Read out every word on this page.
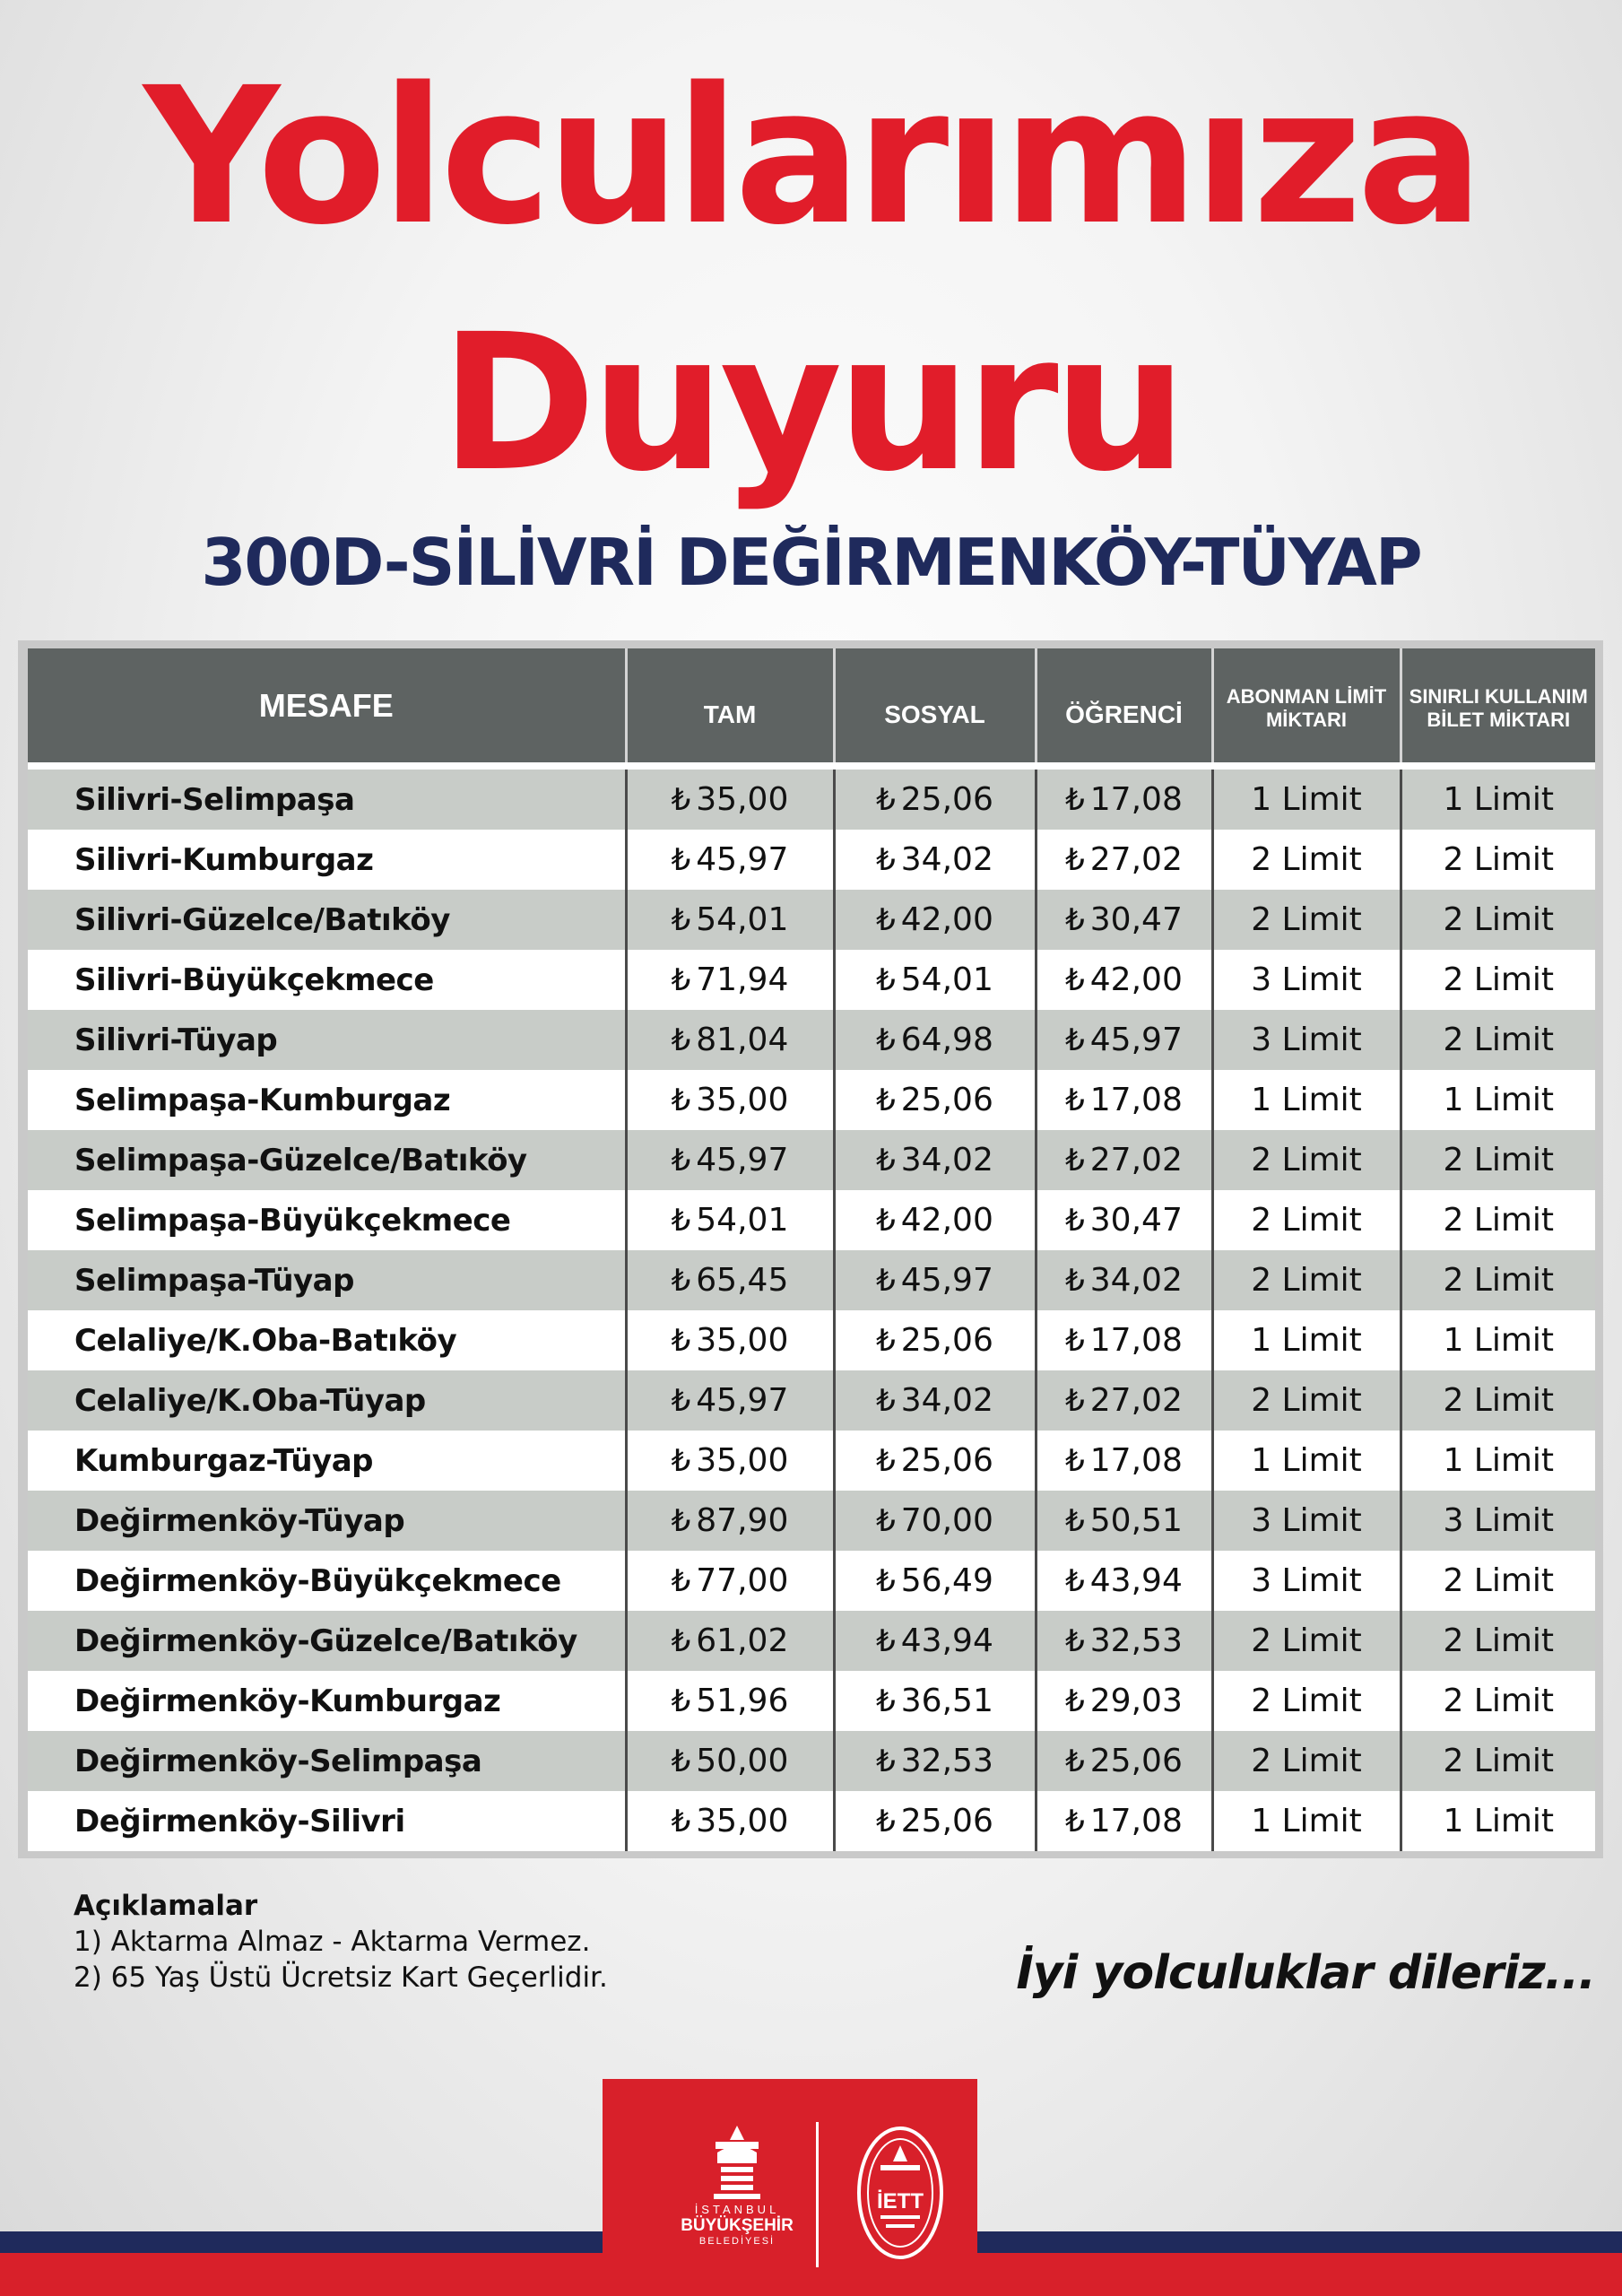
Yolcularımıza
Duyuru
300D-SİLİVRİ DEĞİRMENKÖY-TÜYAP
MESAFE	TAM	SOSYAL	ÖĞRENCİ	ABONMAN LİMİT MİKTARI	SINIRLI KULLANIM BİLET MİKTARI
Silivri-Selimpaşa	₺ 35,00	₺ 25,06	₺ 17,08	1 Limit	1 Limit
Silivri-Kumburgaz	₺ 45,97	₺ 34,02	₺ 27,02	2 Limit	2 Limit
Silivri-Güzelce/Batıköy	₺ 54,01	₺ 42,00	₺ 30,47	2 Limit	2 Limit
Silivri-Büyükçekmece	₺ 71,94	₺ 54,01	₺ 42,00	3 Limit	2 Limit
Silivri-Tüyap	₺ 81,04	₺ 64,98	₺ 45,97	3 Limit	2 Limit
Selimpaşa-Kumburgaz	₺ 35,00	₺ 25,06	₺ 17,08	1 Limit	1 Limit
Selimpaşa-Güzelce/Batıköy	₺ 45,97	₺ 34,02	₺ 27,02	2 Limit	2 Limit
Selimpaşa-Büyükçekmece	₺ 54,01	₺ 42,00	₺ 30,47	2 Limit	2 Limit
Selimpaşa-Tüyap	₺ 65,45	₺ 45,97	₺ 34,02	2 Limit	2 Limit
Celaliye/K.Oba-Batıköy	₺ 35,00	₺ 25,06	₺ 17,08	1 Limit	1 Limit
Celaliye/K.Oba-Tüyap	₺ 45,97	₺ 34,02	₺ 27,02	2 Limit	2 Limit
Kumburgaz-Tüyap	₺ 35,00	₺ 25,06	₺ 17,08	1 Limit	1 Limit
Değirmenköy-Tüyap	₺ 87,90	₺ 70,00	₺ 50,51	3 Limit	3 Limit
Değirmenköy-Büyükçekmece	₺ 77,00	₺ 56,49	₺ 43,94	3 Limit	2 Limit
Değirmenköy-Güzelce/Batıköy	₺ 61,02	₺ 43,94	₺ 32,53	2 Limit	2 Limit
Değirmenköy-Kumburgaz	₺ 51,96	₺ 36,51	₺ 29,03	2 Limit	2 Limit
Değirmenköy-Selimpaşa	₺ 50,00	₺ 32,53	₺ 25,06	2 Limit	2 Limit
Değirmenköy-Silivri	₺ 35,00	₺ 25,06	₺ 17,08	1 Limit	1 Limit
Açıklamalar
1) Aktarma Almaz - Aktarma Vermez.
2) 65 Yaş Üstü Ücretsiz Kart Geçerlidir.	İyi yolculuklar dileriz...
İSTANBUL
BÜYÜKŞEHİR
BELEDİYESİ
İETT
